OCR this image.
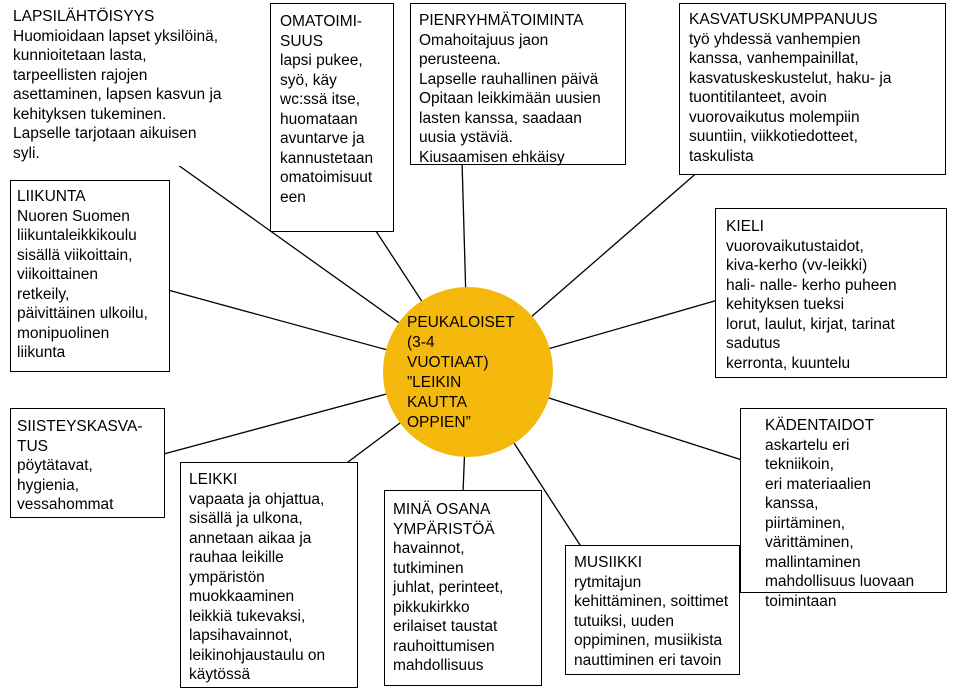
PEUKALOISET
(3-4
VUOTIAAT)
”LEIKIN
KAUTTA
OPPIEN”

LAPSILÄHTÖISYYS

Huomioidaan lapset yksilöinä,
kunnioitetaan lasta,
tarpeellisten rajojen
asettaminen, lapsen kasvun ja
kehityksen tukeminen.
Lapselle tarjotaan aikuisen
syli.

LIIKUNTA

Nuoren Suomen
liikuntaleikkikoulu
sisällä viikoittain,
viikoittainen
retkeily,
päivittäinen ulkoilu,
monipuolinen
liikunta

SIISTEYSKASVA-
TUS

pöytätavat,
hygienia,
vessahommat

OMATOIMI-
SUUS

lapsi pukee,
syö, käy
wc:ssä itse,
huomataan
avuntarve ja
kannustetaan
omatoimisuut
een

LEIKKI

vapaata ja ohjattua,
sisällä ja ulkona,
annetaan aikaa ja
rauhaa leikille
ympäristön
muokkaaminen
leikkiä tukevaksi,
lapsihavainnot,
leikinohjaustaulu on
käytössä

PIENRYHMÄTOIMINTA

Omahoitajuus jaon
perusteena.
Lapselle rauhallinen päivä
Opitaan leikkimään uusien
lasten kanssa, saadaan
uusia ystäviä.
Kiusaamisen ehkäisy

MINÄ OSANA
YMPÄRISTÖÄ

havainnot,
tutkiminen
juhlat, perinteet,
pikkukirkko
erilaiset taustat
rauhoittumisen
mahdollisuus

KASVATUSKUMPPANUUS

työ yhdessä vanhempien
kanssa, vanhempainillat,
kasvatuskeskustelut, haku- ja
tuontitilanteet, avoin
vuorovaikutus molempiin
suuntiin, viikkotiedotteet,
taskulista

KIELI

vuorovaikutustaidot,
kiva-kerho (vv-leikki)
hali- nalle- kerho puheen
kehityksen tueksi
lorut, laulut, kirjat, tarinat
sadutus
kerronta, kuuntelu

KÄDENTAIDOT

askartelu eri tekniikoin,
eri materiaalien kanssa,
piirtäminen,
värittäminen,
mallintaminen
mahdollisuus luovaan
toimintaan

MUSIIKKI

rytmitajun
kehittäminen, soittimet
tutuiksi, uuden
oppiminen, musiikista
nauttiminen eri tavoin
